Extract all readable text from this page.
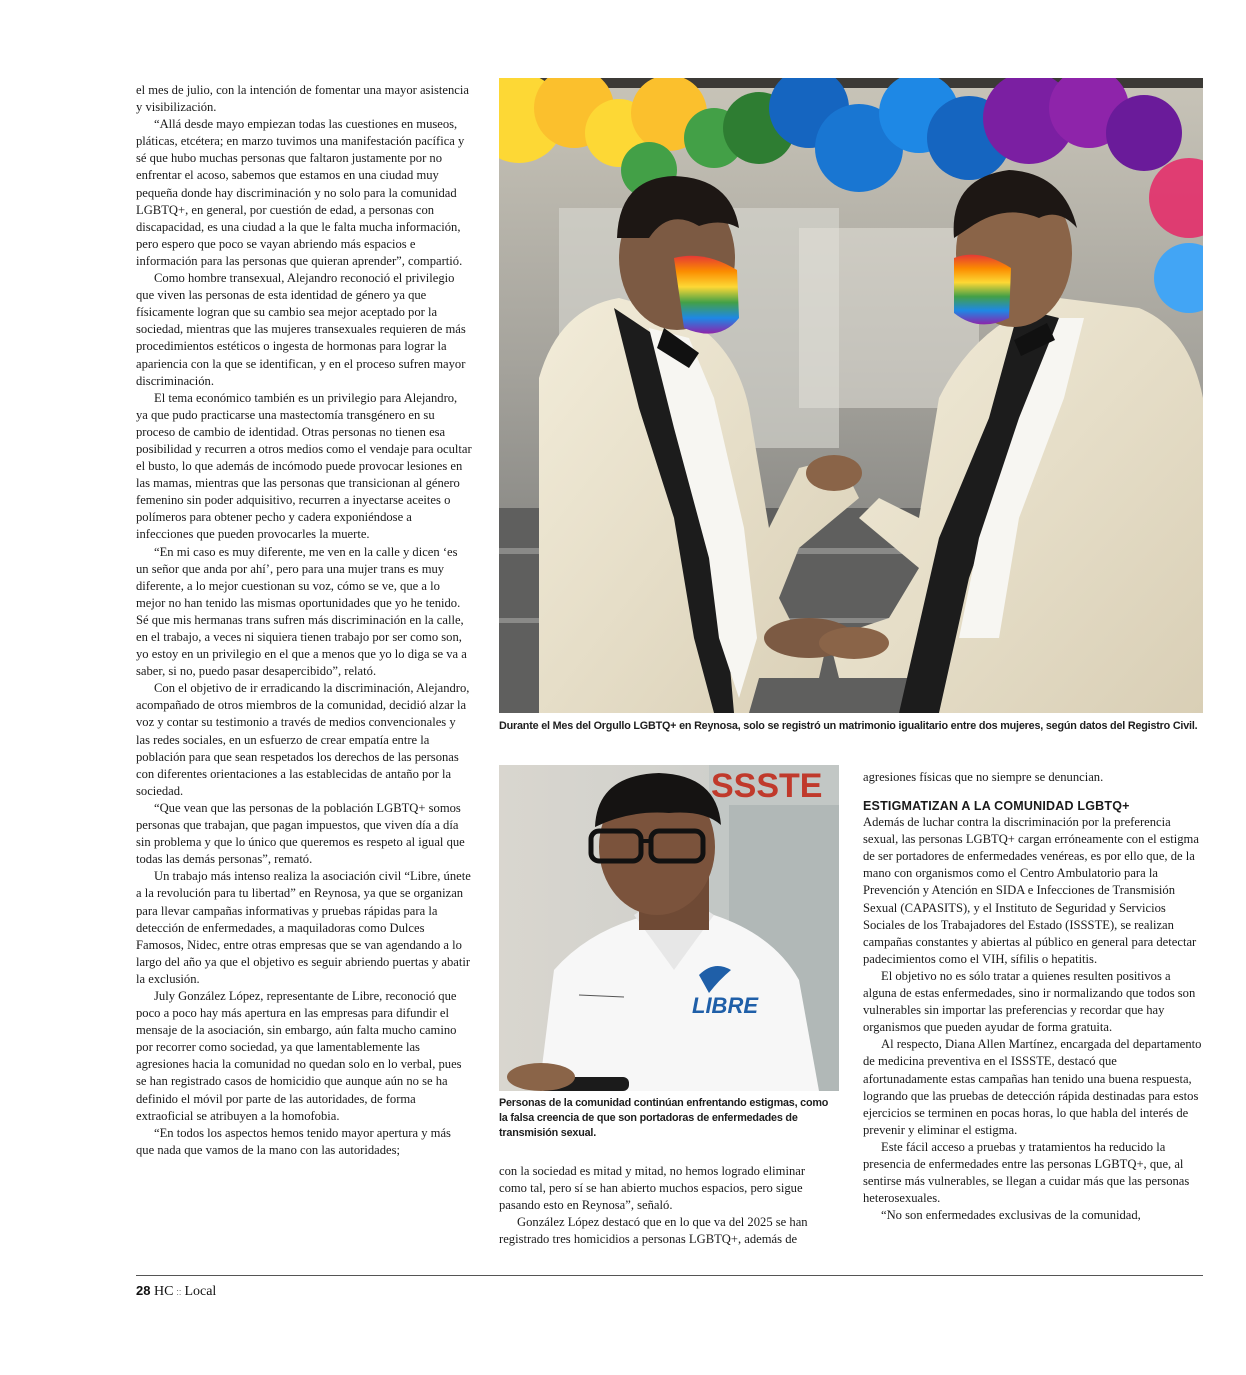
el mes de julio, con la intención de fomentar una mayor asistencia y visibilización.

“Allá desde mayo empiezan todas las cuestiones en museos, pláticas, etcétera; en marzo tuvimos una manifestación pacífica y sé que hubo muchas personas que faltaron justamente por no enfrentar el acoso, sabemos que estamos en una ciudad muy pequeña donde hay discriminación y no solo para la comunidad LGBTQ+, en general, por cuestión de edad, a personas con discapacidad, es una ciudad a la que le falta mucha información, pero espero que poco se vayan abriendo más espacios e información para las personas que quieran aprender”, compartió.

Como hombre transexual, Alejandro reconoció el privilegio que viven las personas de esta identidad de género ya que físicamente logran que su cambio sea mejor aceptado por la sociedad, mientras que las mujeres transexuales requieren de más procedimientos estéticos o ingesta de hormonas para lograr la apariencia con la que se identifican, y en el proceso sufren mayor discriminación.

El tema económico también es un privilegio para Alejandro, ya que pudo practicarse una mastectomía transgénero en su proceso de cambio de identidad. Otras personas no tienen esa posibilidad y recurren a otros medios como el vendaje para ocultar el busto, lo que además de incómodo puede provocar lesiones en las mamas, mientras que las personas que transicionan al género femenino sin poder adquisitivo, recurren a inyectarse aceites o polímeros para obtener pecho y cadera exponiéndose a infecciones que pueden provocarles la muerte.

“En mi caso es muy diferente, me ven en la calle y dicen ‘es un señor que anda por ahí’, pero para una mujer trans es muy diferente, a lo mejor cuestionan su voz, cómo se ve, que a lo mejor no han tenido las mismas oportunidades que yo he tenido. Sé que mis hermanas trans sufren más discriminación en la calle, en el trabajo, a veces ni siquiera tienen trabajo por ser como son, yo estoy en un privilegio en el que a menos que yo lo diga se va a saber, si no, puedo pasar desapercibido”, relató.

Con el objetivo de ir erradicando la discriminación, Alejandro, acompañado de otros miembros de la comunidad, decidió alzar la voz y contar su testimonio a través de medios convencionales y las redes sociales, en un esfuerzo de crear empatía entre la población para que sean respetados los derechos de las personas con diferentes orientaciones a las establecidas de antaño por la sociedad.

“Que vean que las personas de la población LGBTQ+ somos personas que trabajan, que pagan impuestos, que viven día a día sin problema y que lo único que queremos es respeto al igual que todas las demás personas”, remató.

Un trabajo más intenso realiza la asociación civil “Libre, únete a la revolución para tu libertad” en Reynosa, ya que se organizan para llevar campañas informativas y pruebas rápidas para la detección de enfermedades, a maquiladoras como Dulces Famosos, Nidec, entre otras empresas que se van agendando a lo largo del año ya que el objetivo es seguir abriendo puertas y abatir la exclusión.

July González López, representante de Libre, reconoció que poco a poco hay más apertura en las empresas para difundir el mensaje de la asociación, sin embargo, aún falta mucho camino por recorrer como sociedad, ya que lamentablemente las agresiones hacia la comunidad no quedan solo en lo verbal, pues se han registrado casos de homicidio que aunque aún no se ha definido el móvil por parte de las autoridades, de forma extraoficial se atribuyen a la homofobia.

“En todos los aspectos hemos tenido mayor apertura y más que nada que vamos de la mano con las autoridades;

Durante el Mes del Orgullo LGBTQ+ en Reynosa, solo se registró un matrimonio igualitario entre dos mujeres, según datos del Registro Civil.
SSSTE
LIBRE
Personas de la comunidad continúan enfrentando estigmas, como la falsa creencia de que son portadoras de enfermedades de transmisión sexual.

con la sociedad es mitad y mitad, no hemos logrado eliminar como tal, pero sí se han abierto muchos espacios, pero sigue pasando esto en Reynosa”, señaló.

González López destacó que en lo que va del 2025 se han registrado tres homicidios a personas LGBTQ+, además de

agresiones físicas que no siempre se denuncian.

ESTIGMATIZAN A LA COMUNIDAD LGBTQ+

Además de luchar contra la discriminación por la preferencia sexual, las personas LGBTQ+ cargan erróneamente con el estigma de ser portadores de enfermedades venéreas, es por ello que, de la mano con organismos como el Centro Ambulatorio para la Prevención y Atención en SIDA e Infecciones de Transmisión Sexual (CAPASITS), y el Instituto de Seguridad y Servicios Sociales de los Trabajadores del Estado (ISSSTE), se realizan campañas constantes y abiertas al público en general para detectar padecimientos como el VIH, sífilis o hepatitis.

El objetivo no es sólo tratar a quienes resulten positivos a alguna de estas enfermedades, sino ir normalizando que todos son vulnerables sin importar las preferencias y recordar que hay organismos que pueden ayudar de forma gratuita.

Al respecto, Diana Allen Martínez, encargada del departamento de medicina preventiva en el ISSSTE, destacó que afortunadamente estas campañas han tenido una buena respuesta, logrando que las pruebas de detección rápida destinadas para estos ejercicios se terminen en pocas horas, lo que habla del interés de prevenir y eliminar el estigma.

Este fácil acceso a pruebas y tratamientos ha reducido la presencia de enfermedades entre las personas LGBTQ+, que, al sentirse más vulnerables, se llegan a cuidar más que las personas heterosexuales.

“No son enfermedades exclusivas de la comunidad,

28 HC :: Local
